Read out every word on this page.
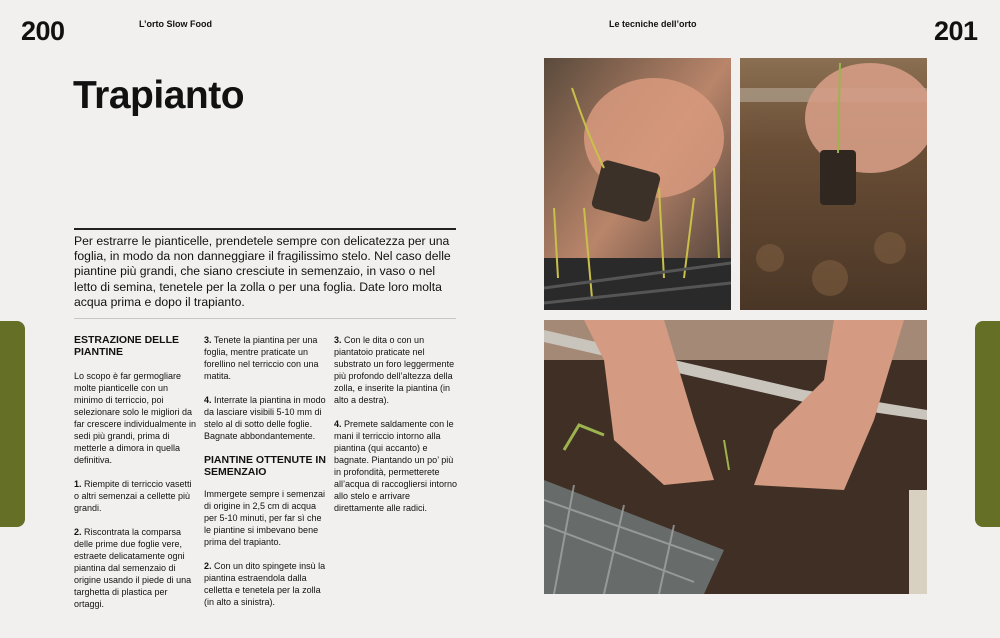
200	L’orto Slow Food	Le tecniche dell’orto	201
Trapianto

Per estrarre le pianticelle, prendetele sempre con delicatezza per una foglia, in modo da non danneggiare il fragilissimo stelo. Nel caso delle piantine più grandi, che siano cresciute in semenzaio, in vaso o nel letto di semina, tenetele per la zolla o per una foglia. Date loro molta acqua prima e dopo il trapianto.

ESTRAZIONE DELLE PIANTINE

Lo scopo è far germogliare molte pianticelle con un minimo di terriccio, poi selezionare solo le migliori da far crescere individualmente in sedi più grandi, prima di metterle a dimora in quella definitiva.

1. Riempite di terriccio vasetti o altri semenzai a cellette più grandi.

2. Riscontrata la comparsa delle prime due foglie vere, estraete delicatamente ogni piantina dal semenzaio di origine usando il piede di una targhetta di plastica per ortaggi.

3. Tenete la piantina per una foglia, mentre praticate un forellino nel terriccio con una matita.

4. Interrate la piantina in modo da lasciare visibili 5-10 mm di stelo al di sotto delle foglie. Bagnate abbondantemente.

PIANTINE OTTENUTE IN SEMENZAIO

Immergete sempre i semenzai di origine in 2,5 cm di acqua per 5-10 minuti, per far sì che le piantine si imbevano bene prima del trapianto.

2. Con un dito spingete insù la piantina estraendola dalla celletta e tenetela per la zolla (in alto a sinistra).

3. Con le dita o con un piantatoio praticate nel substrato un foro leggermente più profondo dell’altezza della zolla, e inserite la piantina (in alto a destra).

4. Premete saldamente con le mani il terriccio intorno alla piantina (qui accanto) e bagnate. Piantando un po’ più in profondità, permetterete all’acqua di raccogliersi intorno allo stelo e arrivare direttamente alle radici.
